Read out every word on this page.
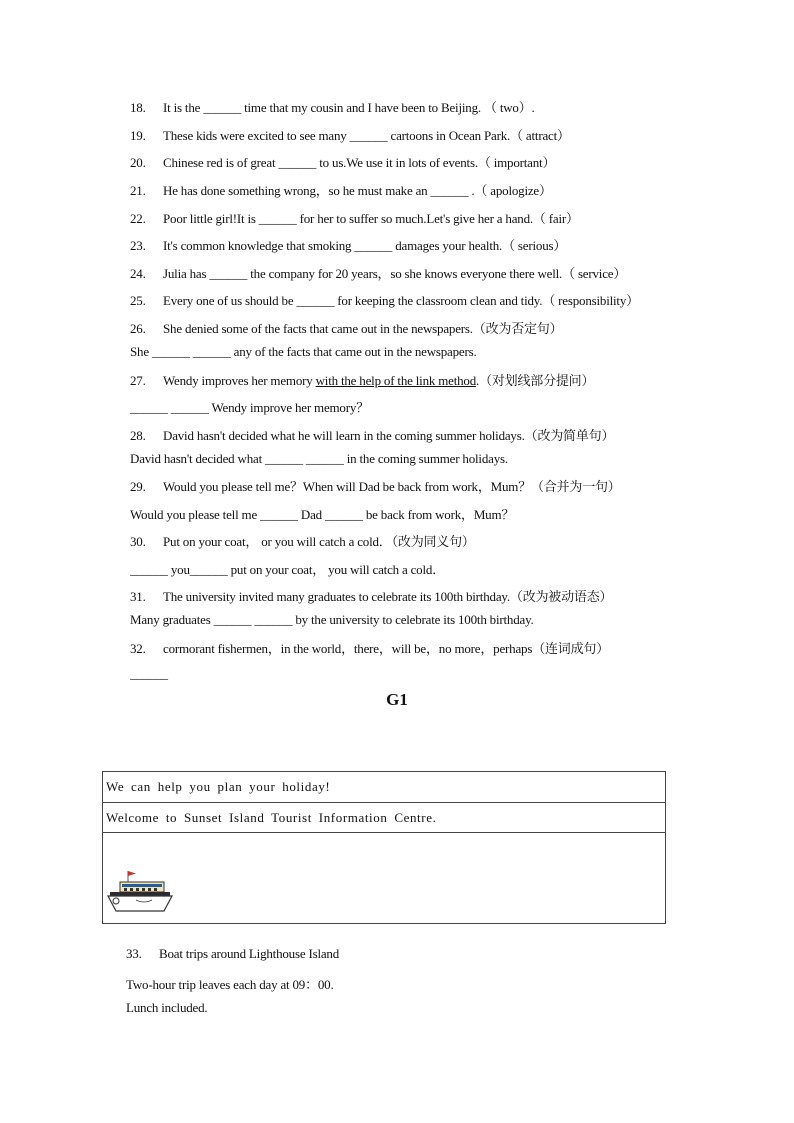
18. It is the ______ time that my cousin and I have been to Beijing. （ two）.
19. These kids were excited to see many ______ cartoons in Ocean Park.（ attract）
20. Chinese red is of great ______ to us.We use it in lots of events.（ important）
21. He has done something wrong，so he must make an ______ .（ apologize）
22. Poor little girl!It is ______ for her to suffer so much.Let's give her a hand.（ fair）
23. It's common knowledge that smoking ______ damages your health.（ serious）
24. Julia has ______ the company for 20 years，so she knows everyone there well.（ service）
25. Every one of us should be ______ for keeping the classroom clean and tidy.（ responsibility）
26. She denied some of the facts that came out in the newspapers.（改为否定句）
She ______ ______ any of the facts that came out in the newspapers.
27. Wendy improves her memory with the help of the link method.（对划线部分提问）
______ ______ Wendy improve her memory？
28. David hasn't decided what he will learn in the coming summer holidays.（改为简单句）
David hasn't decided what ______ ______ in the coming summer holidays.
29. Would you please tell me？When will Dad be back from work，Mum？（合并为一句）
Would you please tell me ______ Dad ______ be back from work，Mum？
30. Put on your coat， or you will catch a cold．（改为同义句）
______ you______ put on your coat， you will catch a cold．
31. The university invited many graduates to celebrate its 100th birthday.（改为被动语态）
Many graduates ______ ______ by the university to celebrate its 100th birthday.
32. cormorant fishermen，in the world，there，will be，no more，perhaps（连词成句）
______
G1
We can help you plan your holiday!
Welcome to Sunset Island Tourist Information Centre.

33. Boat trips around Lighthouse Island
Two-hour trip leaves each day at 09：00.
Lunch included.
